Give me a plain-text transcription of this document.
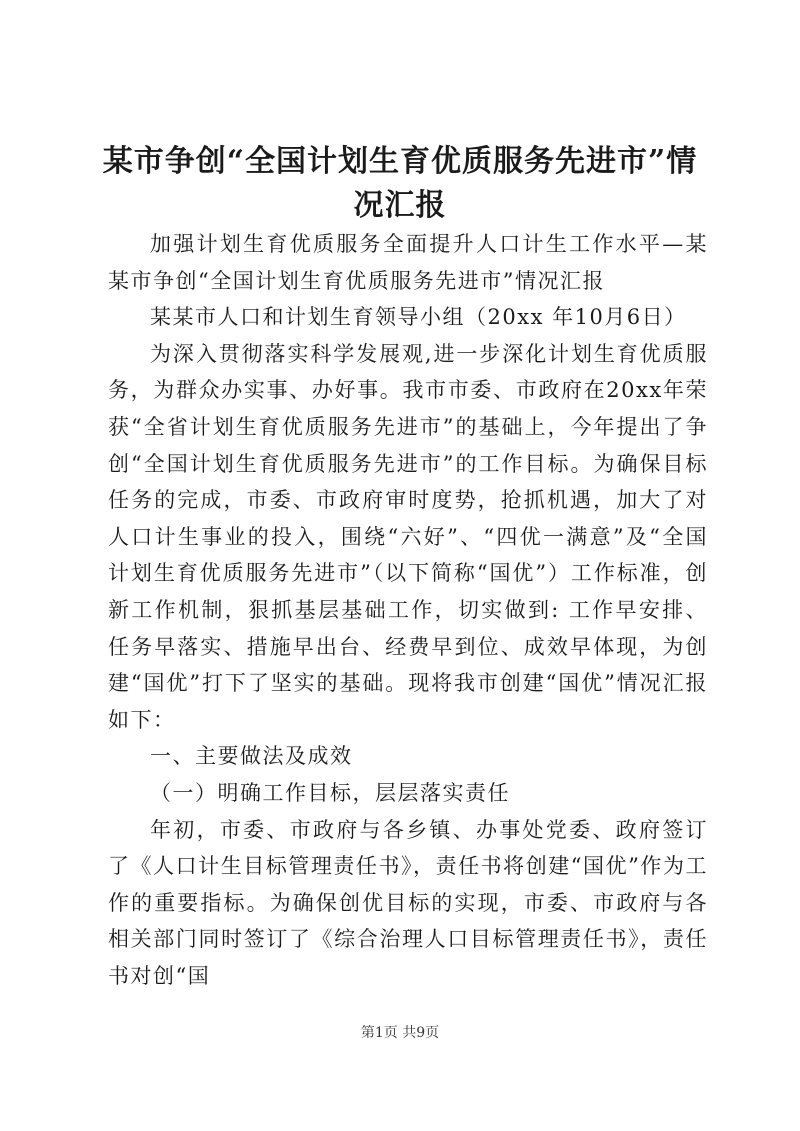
某市争创“全国计划生育优质服务先进市”情况汇报

加强计划生育优质服务全面提升人口计生工作水平—某某市争创“全国计划生育优质服务先进市”情况汇报

某某市人口和计划生育领导小组（20xx 年10月6日）

为深入贯彻落实科学发展观,进一步深化计划生育优质服务，为群众办实事、办好事。我市市委、市政府在20xx年荣获“全省计划生育优质服务先进市”的基础上，今年提出了争创“全国计划生育优质服务先进市”的工作目标。为确保目标任务的完成，市委、市政府审时度势，抢抓机遇，加大了对人口计生事业的投入，围绕“六好”、“四优一满意”及“全国计划生育优质服务先进市”（以下简称“国优”）工作标准，创新工作机制，狠抓基层基础工作，切实做到: 工作早安排、任务早落实、措施早出台、经费早到位、成效早体现，为创建“国优”打下了坚实的基础。现将我市创建“国优”情况汇报如下：

一、主要做法及成效

（一）明确工作目标，层层落实责任

年初，市委、市政府与各乡镇、办事处党委、政府签订了《人口计生目标管理责任书》，责任书将创建“国优”作为工作的重要指标。为确保创优目标的实现，市委、市政府与各相关部门同时签订了《综合治理人口目标管理责任书》，责任书对创“国

第1页 共9页
